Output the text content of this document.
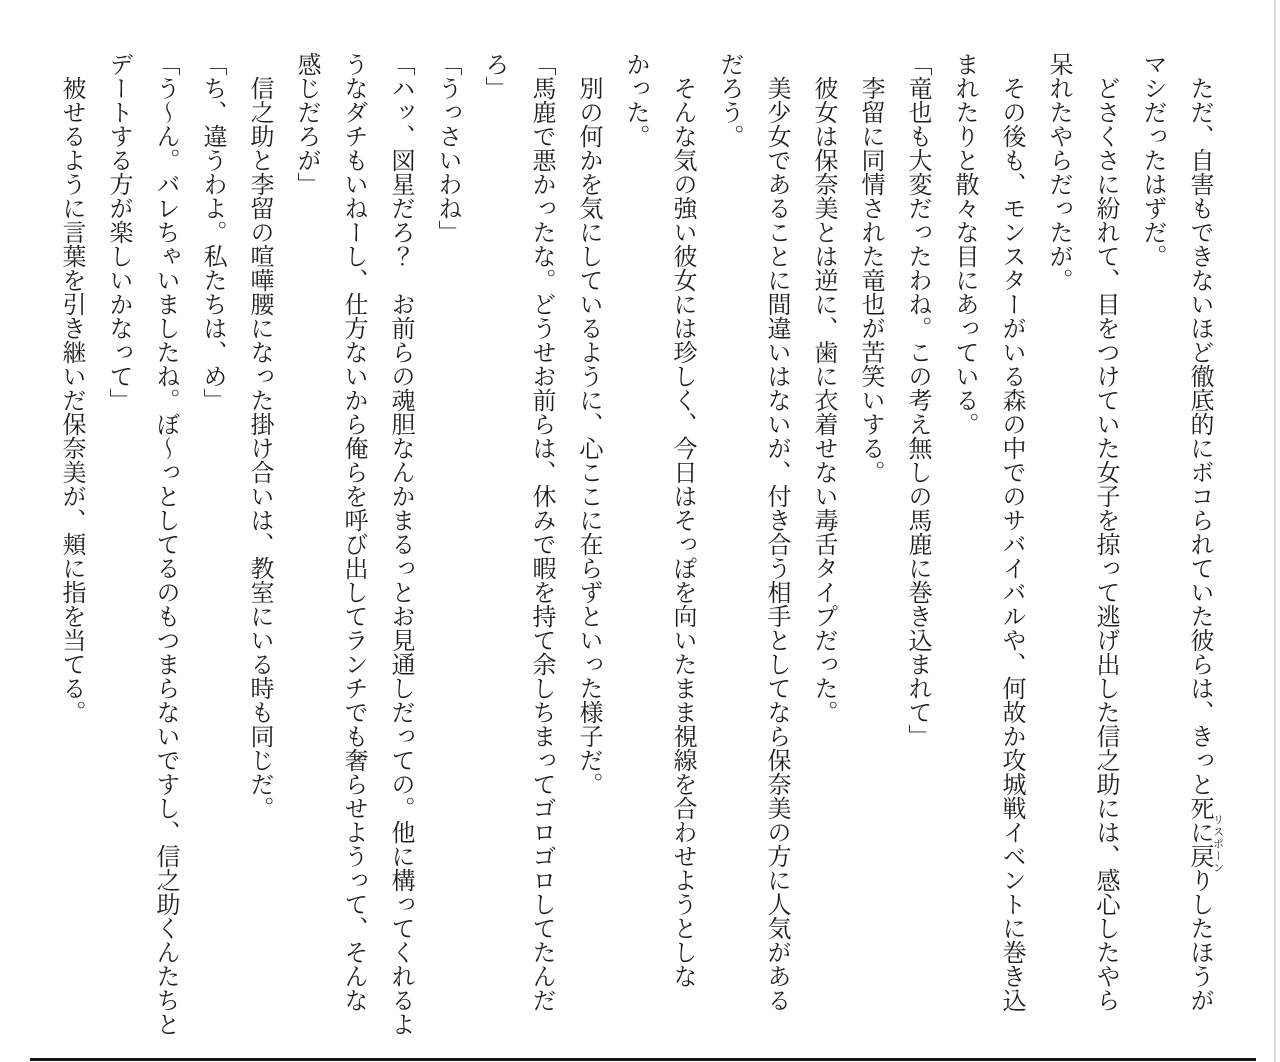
ただ、自害もできないほど徹底的にボコられていた彼らは、きっと死に戻りリスポーンしたほうが

マシだったはずだ。

どさくさに紛れて、目をつけていた女子を掠って逃げ出した信之助には、感心したやら

呆れたやらだったが。

その後も、モンスターがいる森の中でのサバイバルや、何故か攻城戦イベントに巻き込

まれたりと散々な目にあっている。

「竜也も大変だったわね。この考え無しの馬鹿に巻き込まれて」

李留に同情された竜也が苦笑いする。

彼女は保奈美とは逆に、歯に衣着せない毒舌タイプだった。

美少女であることに間違いはないが、付き合う相手としてなら保奈美の方に人気がある

だろう。

そんな気の強い彼女には珍しく、今日はそっぽを向いたまま視線を合わせようとしな

かった。

別の何かを気にしているように、心ここに在らずといった様子だ。

「馬鹿で悪かったな。どうせお前らは、休みで暇を持て余しちまってゴロゴロしてたんだ

ろ」

「うっさいわね」

「ハッ、図星だろ？　お前らの魂胆なんかまるっとお見通しだっての。他に構ってくれるよ

うなダチもいねーし、仕方ないから俺らを呼び出してランチでも奢らせようって、そんな

感じだろが」

信之助と李留の喧嘩腰になった掛け合いは、教室にいる時も同じだ。

「ち、違うわよ。私たちは、め」

「う〜ん。バレちゃいましたね。ぼ〜っとしてるのもつまらないですし、信之助くんたちと

デートする方が楽しいかなって」

被せるように言葉を引き継いだ保奈美が、頬に指を当てる。
